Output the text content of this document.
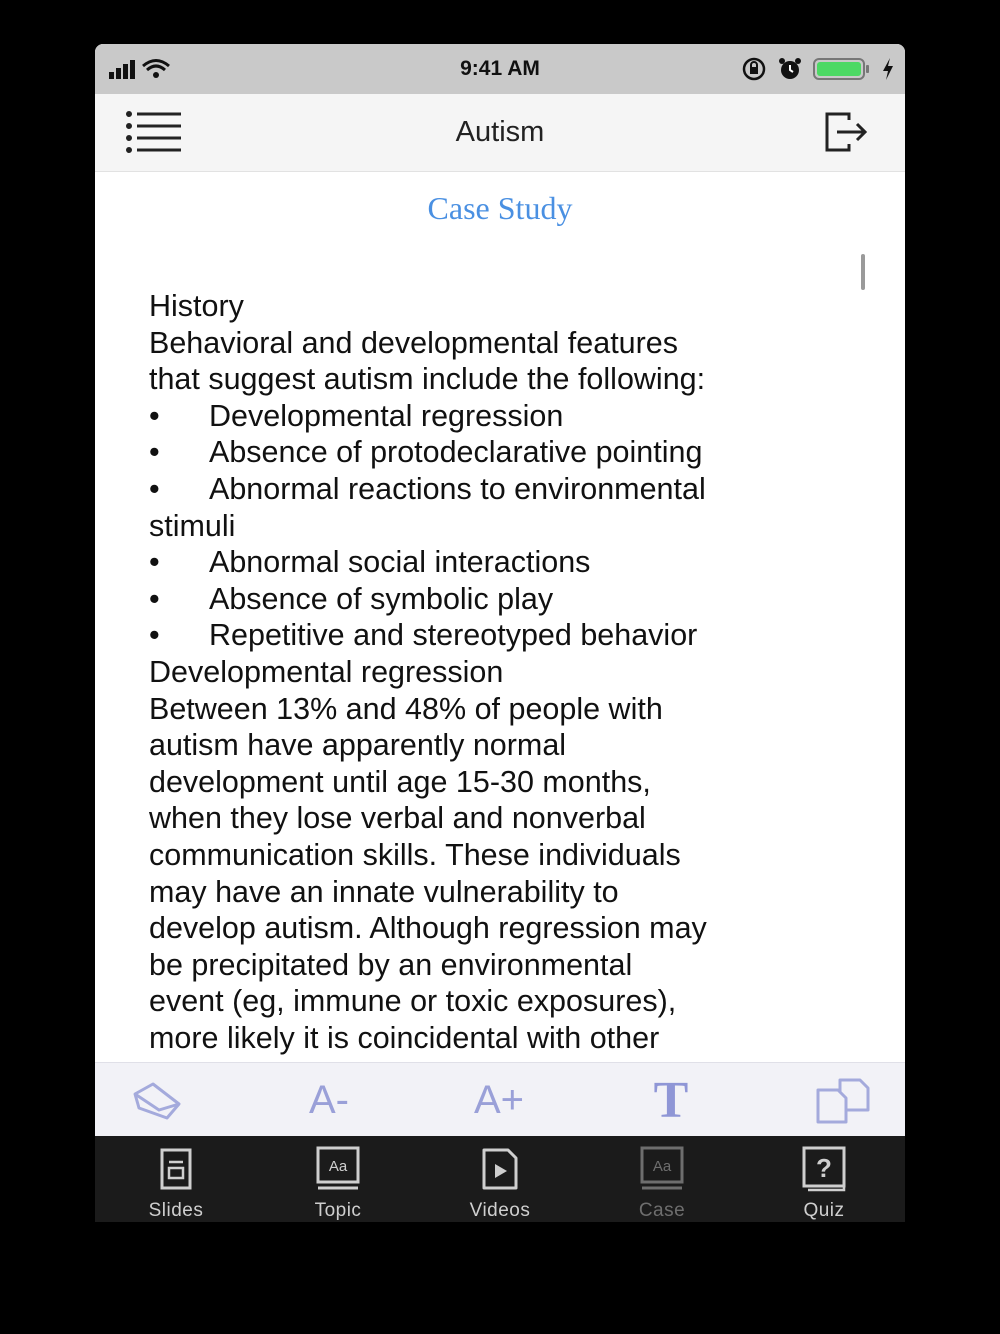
9:41 AM
Autism
Case Study
History
Behavioral and developmental features
that suggest autism include the following:
• Developmental regression
• Absence of protodeclarative pointing
• Abnormal reactions to environmental
stimuli
• Abnormal social interactions
• Absence of symbolic play
• Repetitive and stereotyped behavior
Developmental regression
Between 13% and 48% of people with
autism have apparently normal
development until age 15-30 months,
when they lose verbal and nonverbal
communication skills. These individuals
may have an innate vulnerability to
develop autism. Although regression may
be precipitated by an environmental
event (eg, immune or toxic exposures),
more likely it is coincidental with other
A-	A+ T
Slides
Aa
Topic	Videos
Aa
Case
?
Quiz
